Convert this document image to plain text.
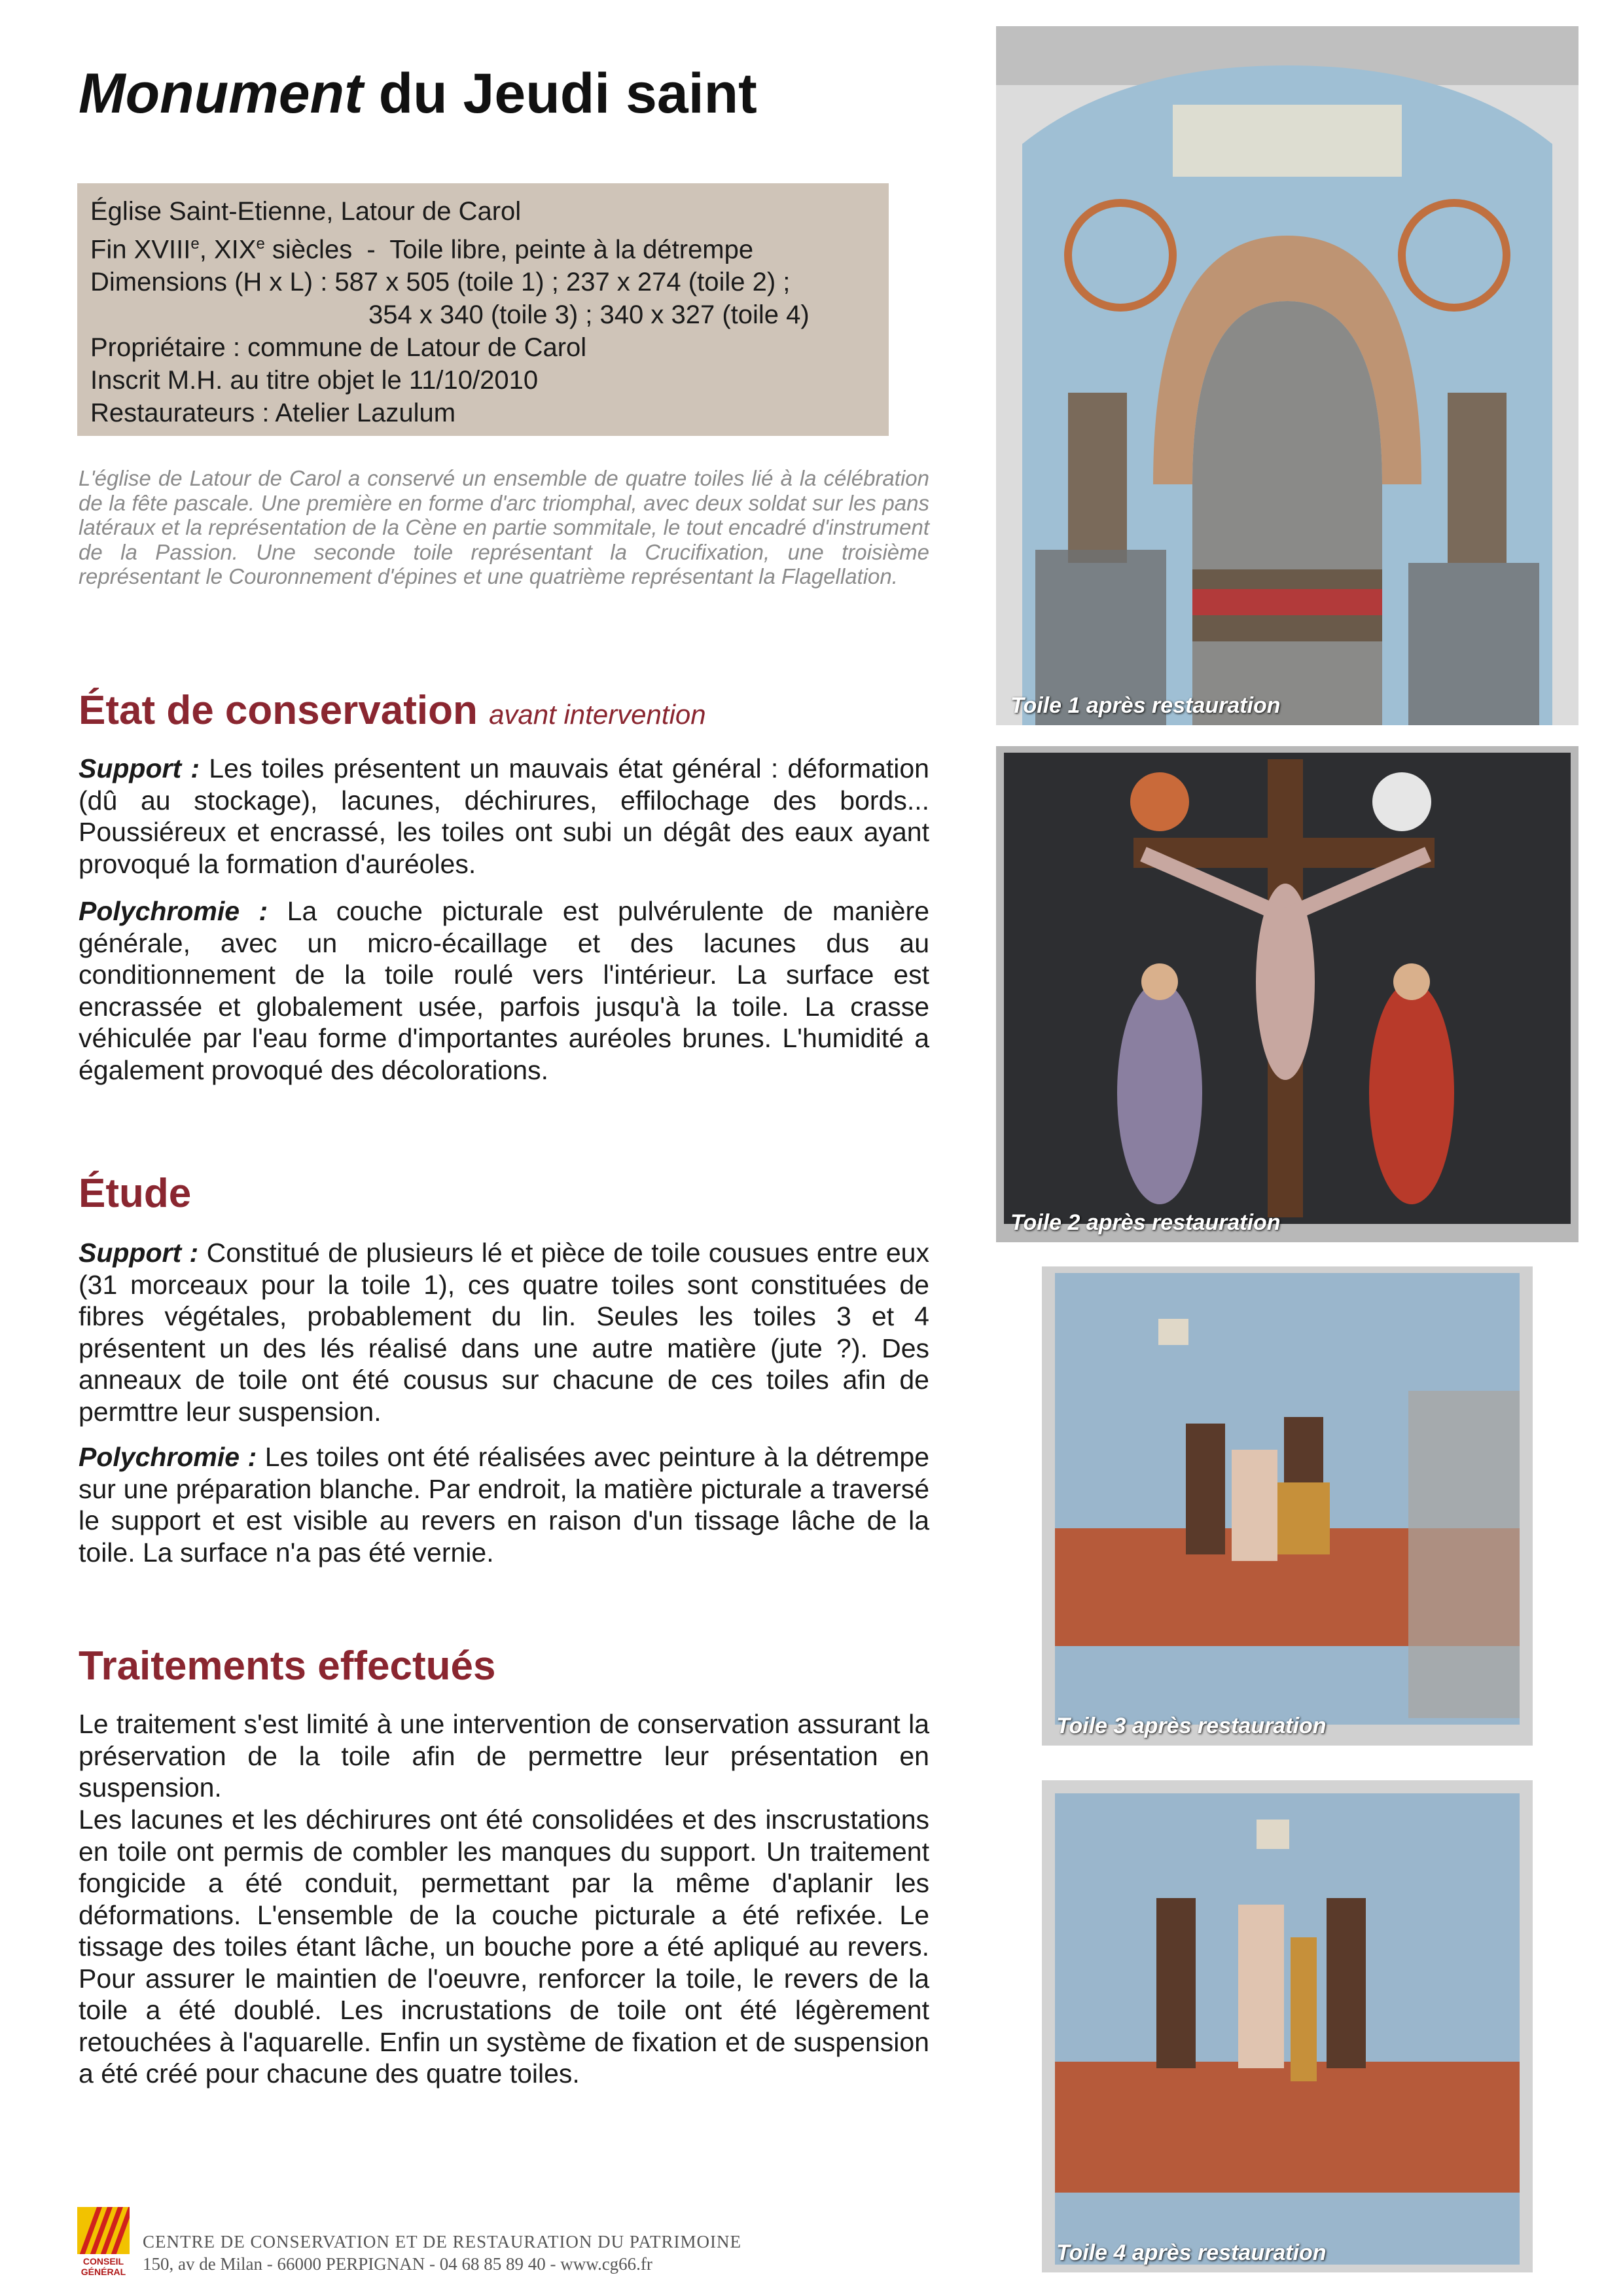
Monument du Jeudi saint
Église Saint-Etienne, Latour de Carol
Fin XVIIIe, XIXe siècles  -  Toile libre, peinte à la détrempe
Dimensions (H x L) : 587 x 505 (toile 1) ; 237 x 274 (toile 2) ;
354 x 340 (toile 3) ; 340 x 327 (toile 4)
Propriétaire : commune de Latour de Carol
Inscrit M.H. au titre objet le 11/10/2010
Restaurateurs : Atelier Lazulum

L'église de Latour de Carol a conservé un ensemble de quatre toiles lié à la célébration de la fête pascale. Une première en forme d'arc triomphal, avec deux soldat sur les pans latéraux et la représentation de la Cène en partie sommitale, le tout encadré d'instrument de la Passion. Une seconde toile représentant la Crucifixation, une troisième représentant le Couronnement d'épines et une quatrième représentant la Flagellation.

État de conservation avant intervention

Support : Les toiles présentent un mauvais état général : déformation (dû au stockage), lacunes, déchirures, effilochage des bords... Poussiéreux et encrassé, les toiles ont subi un dégât des eaux ayant provoqué la formation d'auréoles.

Polychromie : La couche picturale est pulvérulente de manière générale, avec un micro-écaillage et des lacunes dus au conditionnement de la toile roulé vers l'intérieur. La surface est encrassée et globalement usée, parfois jusqu'à la toile. La crasse véhiculée par l'eau forme d'importantes auréoles brunes. L'humidité a également provoqué des décolorations.

Étude

Support : Constitué de plusieurs lé et pièce de toile cousues entre eux (31 morceaux pour la toile 1), ces quatre toiles sont constituées de fibres végétales, probablement du lin. Seules les toiles 3 et 4 présentent un des lés réalisé dans une autre matière (jute ?). Des anneaux de toile ont été cousus sur chacune de ces toiles afin de permttre leur suspension.

Polychromie : Les toiles ont été réalisées avec peinture à la détrempe sur une préparation blanche. Par endroit, la matière picturale a traversé le support et est visible au revers en raison d'un tissage lâche de la toile. La surface n'a pas été vernie.

Traitements effectués

Le traitement s'est limité à une intervention de conservation assurant la préservation de la toile afin de permettre leur présentation en suspension.

Les lacunes et les déchirures ont été consolidées et des inscrustations en toile ont permis de combler les manques du support. Un traitement fongicide a été conduit, permettant par la même d'aplanir les déformations. L'ensemble de la couche picturale a été refixée. Le tissage des toiles étant lâche, un bouche pore a été apliqué au revers. Pour assurer le maintien de l'oeuvre, renforcer la toile, le revers de la toile a été doublé. Les incrustations de toile ont été légèrement retouchées à l'aquarelle. Enfin un système de fixation et de suspension a été créé pour chacune des quatre toiles.

Toile 1 après restauration
Toile 2 après restauration
Toile 3 après restauration
Toile 4 après restauration
CONSEIL
GÉNÉRAL
CENTRE DE CONSERVATION ET DE RESTAURATION DU PATRIMOINE
150, av de Milan - 66000 PERPIGNAN - 04 68 85 89 40 - www.cg66.fr
